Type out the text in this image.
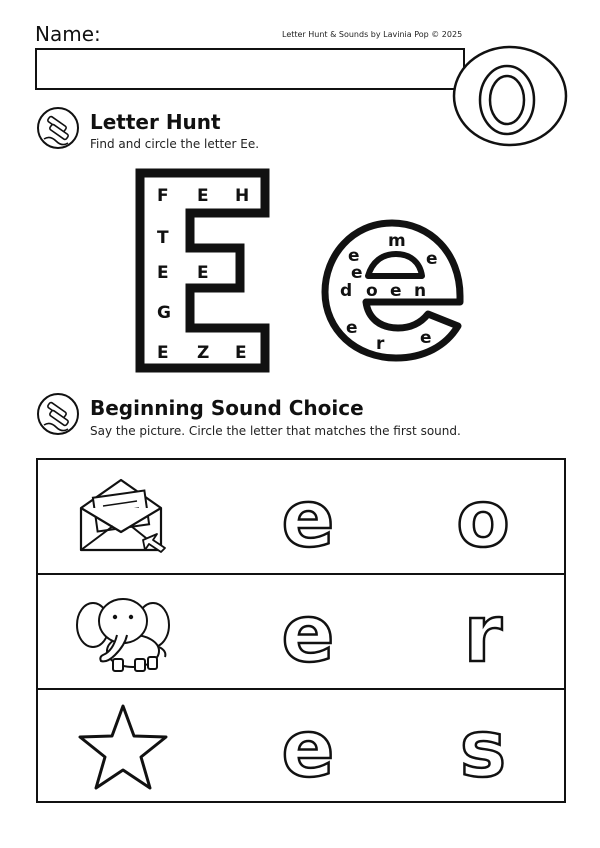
Name:	Letter Hunt & Sounds by Lavinia Pop © 2025
Letter Hunt
Find and circle the letter Ee.
F E H
T
E E
G
E Z E
m
e	e
e
d o e n
e
r e
Beginning Sound Choice
Say the picture. Circle the letter that matches the first sound.
e o
e r
e s
